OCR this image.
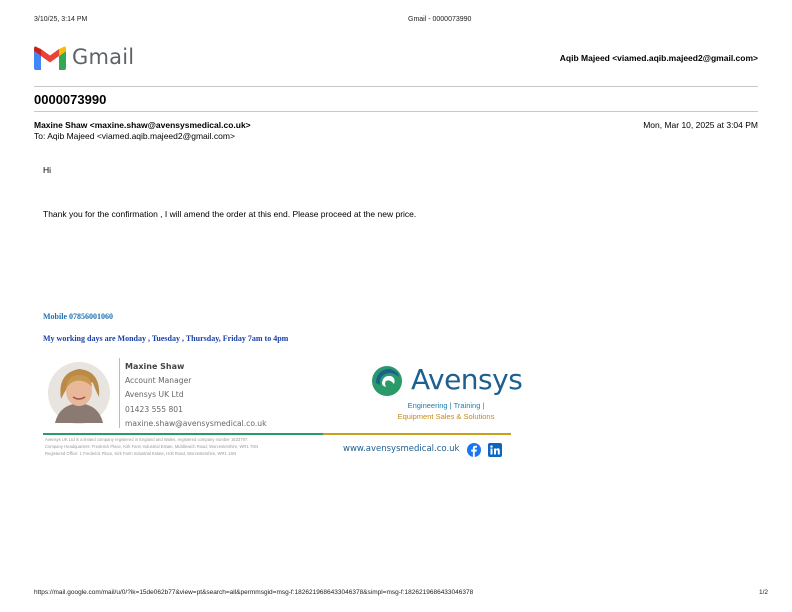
3/10/25, 3:14 PM	Gmail - 0000073990
Gmail	Aqib Majeed <viamed.aqib.majeed2@gmail.com>
0000073990
Maxine Shaw <maxine.shaw@avensysmedical.co.uk>
To: Aqib Majeed <viamed.aqib.majeed2@gmail.com>
Mon, Mar 10, 2025 at 3:04 PM
Hi
Thank you for the confirmation , I will amend the order at this end. Please proceed at the new price.
Mobile 07856001060
My working days are Monday , Tuesday , Thursday, Friday 7am to 4pm
Maxine Shaw
Account Manager
Avensys UK Ltd
01423 555 801
maxine.shaw@avensysmedical.co.uk
Avensys
Engineering | Training |
Equipment Sales & Solutions
Avensys UK Ltd is a limited company registered in England and Wales, registered company number 1633797.
Company Headquarters: Frederick Place, Kirk Farm Industrial Estate, Middlewich Road, Worcestershire, WR1 7SN
Registered Office: 1 Frederick Place, Kirk Farm Industrial Estate, Holt Road, Worcestershire, WR1 1SN	www.avensysmedical.co.uk
https://mail.google.com/mail/u/0/?ik=15de062b77&view=pt&search=all&permmsgid=msg-f:1826219686433046378&simpl=msg-f:1826219686433046378	1/2
